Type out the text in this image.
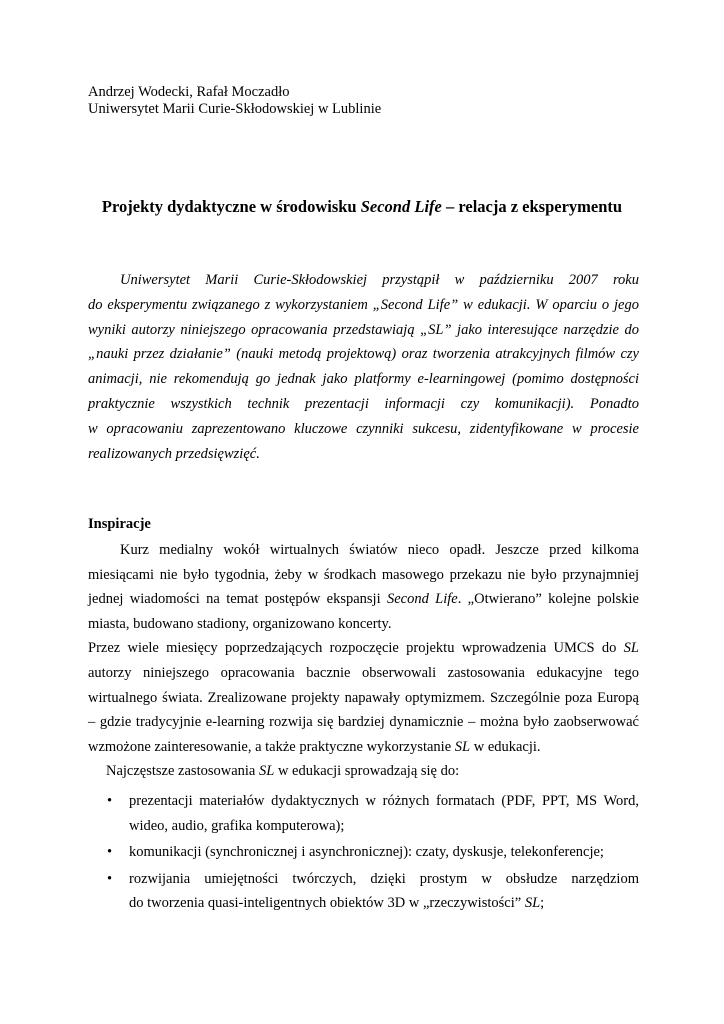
Andrzej Wodecki, Rafał Moczadło
Uniwersytet Marii Curie-Skłodowskiej w Lublinie
Projekty dydaktyczne w środowisku Second Life – relacja z eksperymentu
Uniwersytet Marii Curie-Skłodowskiej przystąpił w październiku 2007 roku
do eksperymentu związanego z wykorzystaniem „Second Life” w edukacji. W oparciu o jego
wyniki autorzy niniejszego opracowania przedstawiają „SL” jako interesujące narzędzie do
„nauki przez działanie” (nauki metodą projektową) oraz tworzenia atrakcyjnych filmów czy
animacji, nie rekomendują go jednak jako platformy e-learningowej (pomimo dostępności
praktycznie wszystkich technik prezentacji informacji czy komunikacji). Ponadto
w opracowaniu zaprezentowano kluczowe czynniki sukcesu, zidentyfikowane w procesie
realizowanych przedsięwzięć.
Inspiracje
Kurz medialny wokół wirtualnych światów nieco opadł. Jeszcze przed kilkoma
miesiącami nie było tygodnia, żeby w środkach masowego przekazu nie było przynajmniej
jednej wiadomości na temat postępów ekspansji Second Life. „Otwierano” kolejne polskie
miasta, budowano stadiony, organizowano koncerty.
Przez wiele miesięcy poprzedzających rozpoczęcie projektu wprowadzenia UMCS do SL
autorzy niniejszego opracowania bacznie obserwowali zastosowania edukacyjne tego
wirtualnego świata. Zrealizowane projekty napawały optymizmem. Szczególnie poza Europą
– gdzie tradycyjnie e-learning rozwija się bardziej dynamicznie – można było zaobserwować
wzmożone zainteresowanie, a także praktyczne wykorzystanie SL w edukacji.
Najczęstsze zastosowania SL w edukacji sprowadzają się do:
• prezentacji materiałów dydaktycznych w różnych formatach (PDF, PPT, MS Word,
wideo, audio, grafika komputerowa);
• komunikacji (synchronicznej i asynchronicznej): czaty, dyskusje, telekonferencje;
• rozwijania umiejętności twórczych, dzięki prostym w obsłudze narzędziom
do tworzenia quasi-inteligentnych obiektów 3D w „rzeczywistości” SL;
